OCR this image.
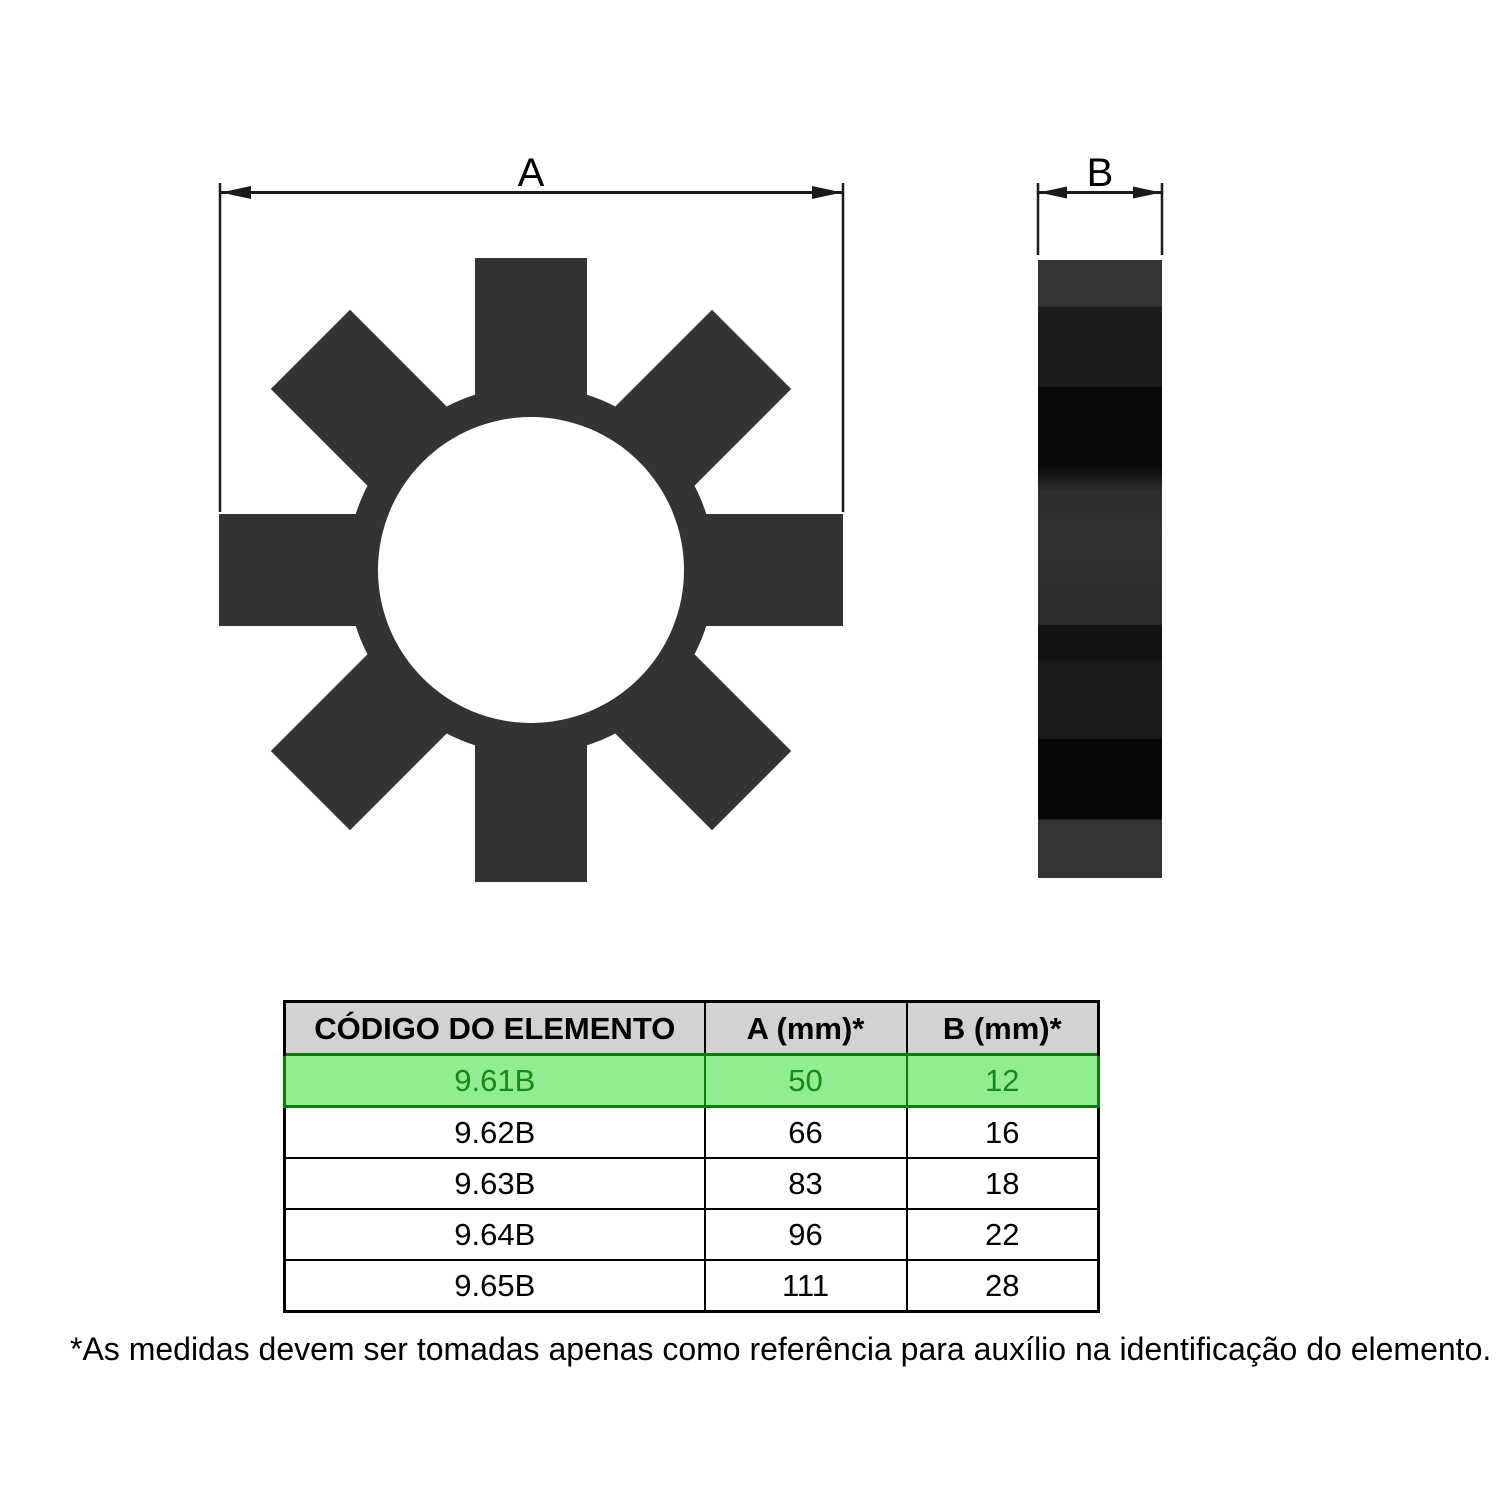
A	B
CÓDIGO DO ELEMENTO	A (mm)*	B (mm)*
9.61B	50	12
9.62B	66	16
9.63B	83	18
9.64B	96	22
9.65B	111	28
*As medidas devem ser tomadas apenas como referência para auxílio na identificação do elemento.
